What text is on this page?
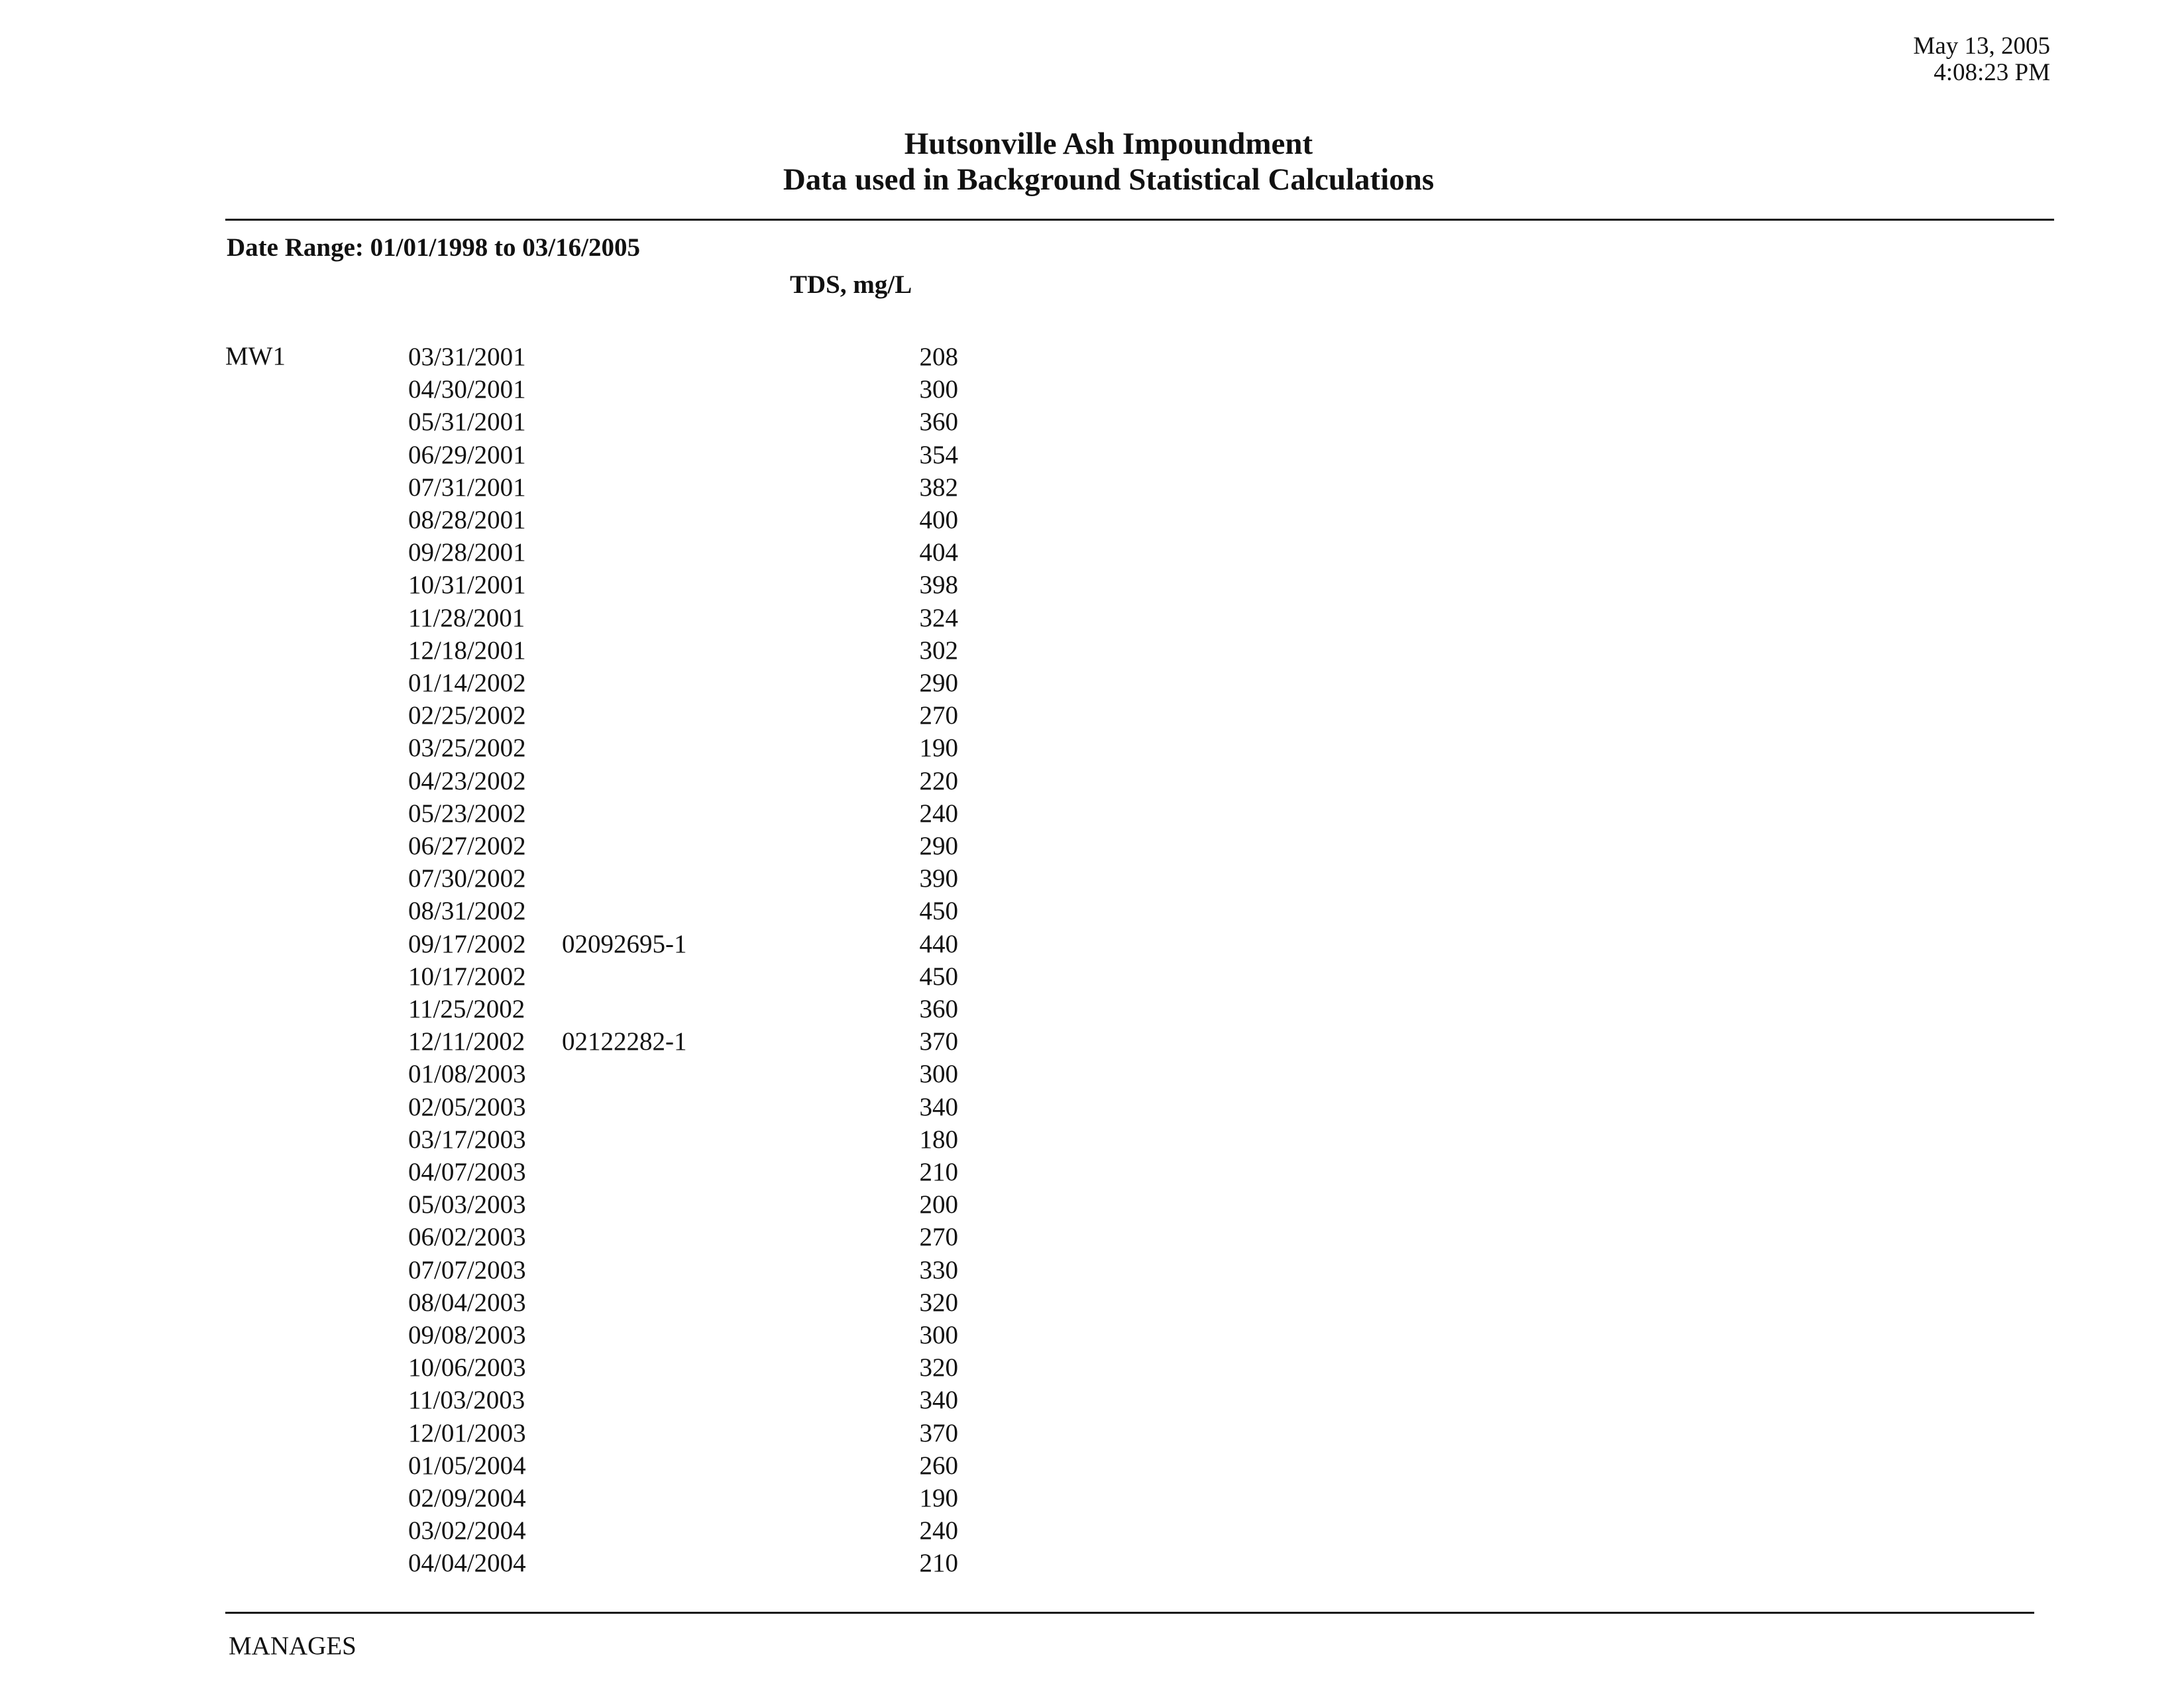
May 13, 2005
4:08:23 PM
Hutsonville Ash Impoundment
Data used in Background Statistical Calculations
Date Range: 01/01/1998 to 03/16/2005
TDS, mg/L
MW1	03/31/2001	208
04/30/2001	300
05/31/2001	360
06/29/2001	354
07/31/2001	382
08/28/2001	400
09/28/2001	404
10/31/2001	398
11/28/2001	324
12/18/2001	302
01/14/2002	290
02/25/2002	270
03/25/2002	190
04/23/2002	220
05/23/2002	240
06/27/2002	290
07/30/2002	390
08/31/2002	450
09/17/2002	02092695-1	440
10/17/2002	450
11/25/2002	360
12/11/2002	02122282-1	370
01/08/2003	300
02/05/2003	340
03/17/2003	180
04/07/2003	210
05/03/2003	200
06/02/2003	270
07/07/2003	330
08/04/2003	320
09/08/2003	300
10/06/2003	320
11/03/2003	340
12/01/2003	370
01/05/2004	260
02/09/2004	190
03/02/2004	240
04/04/2004	210
MANAGES
